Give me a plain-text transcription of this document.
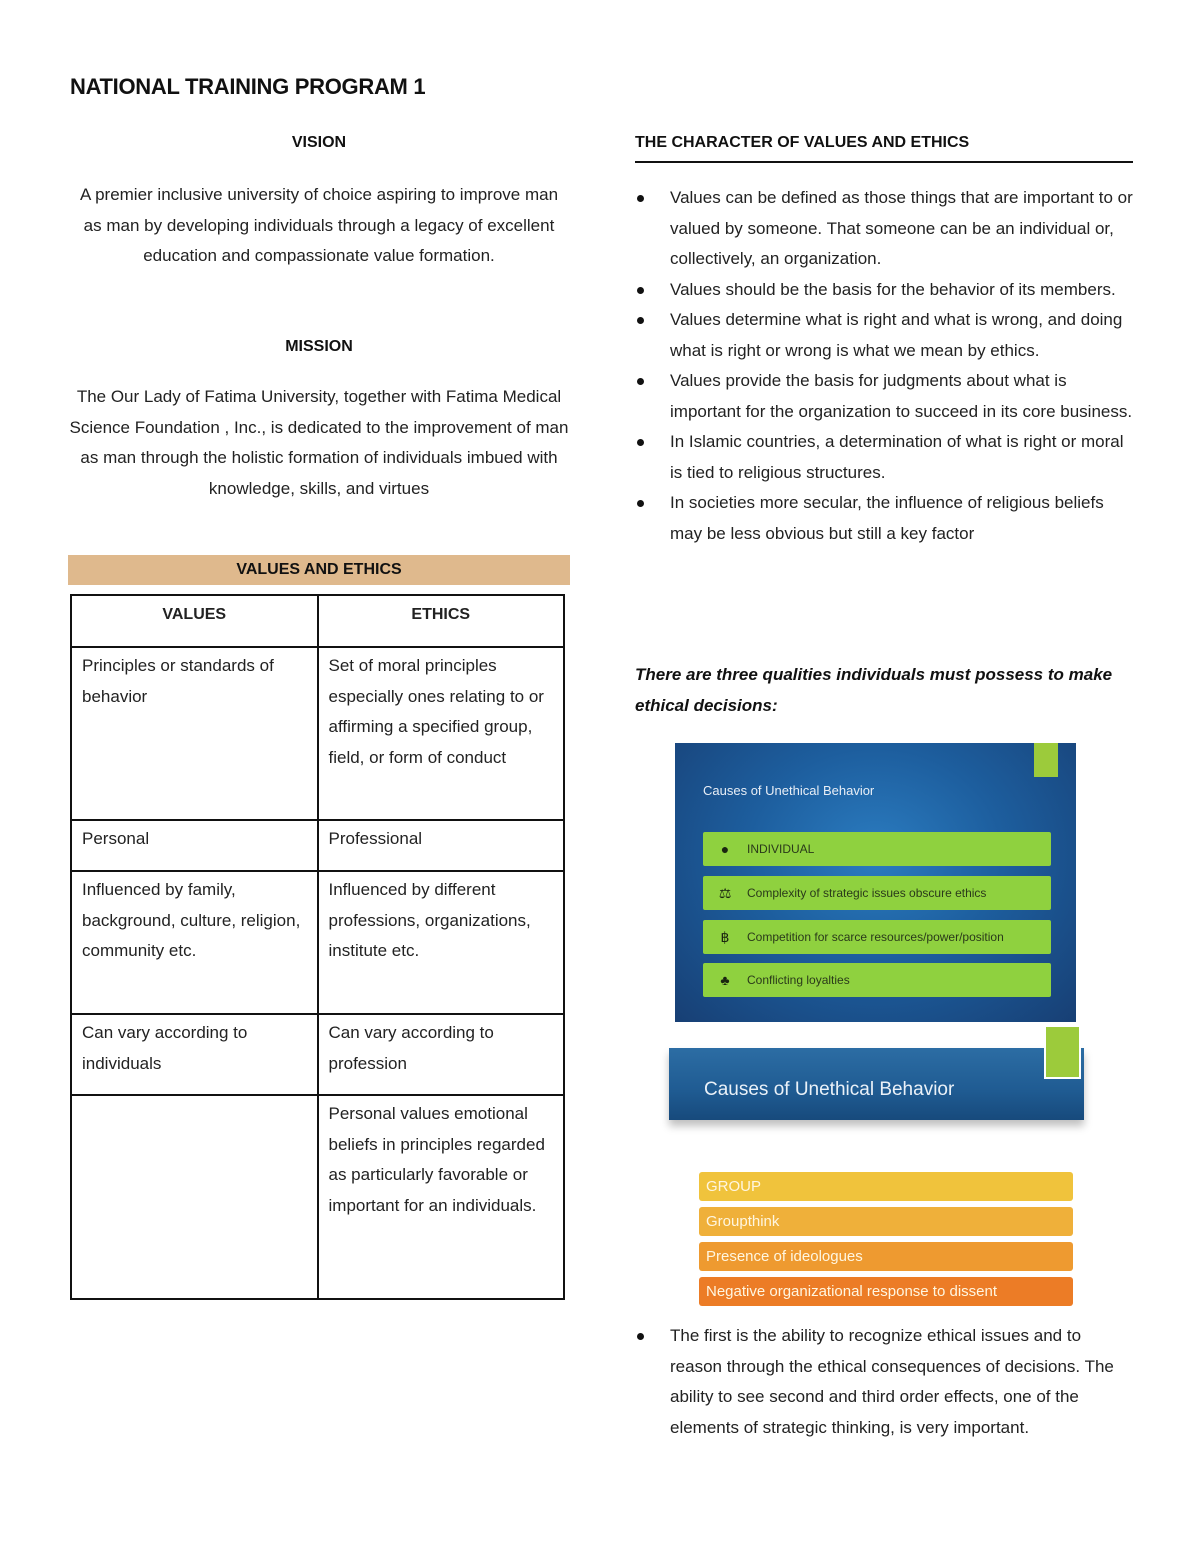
NATIONAL TRAINING PROGRAM 1
VISION
A premier inclusive university of choice aspiring to improve man as man by developing individuals through a legacy of excellent education and compassionate value formation.
MISSION
The Our Lady of Fatima University, together with Fatima Medical Science Foundation , Inc., is dedicated to the improvement of man as man through the holistic formation of individuals imbued with knowledge, skills, and virtues
VALUES AND ETHICS
VALUES	ETHICS
Principles or standards of behavior	Set of moral principles especially ones relating to or affirming a specified group, field, or form of conduct
Personal	Professional
Influenced by family, background, culture, religion, community etc.	Influenced by different professions, organizations, institute etc.
Can vary according to individuals	Can vary according to profession
	Personal values emotional beliefs in principles regarded as particularly favorable or important for an individuals.
THE CHARACTER OF VALUES AND ETHICS
Values can be defined as those things that are important to or valued by someone. That someone can be an individual or, collectively, an organization.
Values should be the basis for the behavior of its members.
Values determine what is right and what is wrong, and doing what is right or wrong is what we mean by ethics.
Values provide the basis for judgments about what is important for the organization to succeed in its core business.
In Islamic countries, a determination of what is right or moral is tied to religious structures.
In societies more secular, the influence of religious beliefs may be less obvious but still a key factor
There are three qualities individuals must possess to make ethical decisions:
The first is the ability to recognize ethical issues and to reason through the ethical consequences of decisions. The ability to see second and third order effects, one of the elements of strategic thinking, is very important.
Causes of Unethical Behavior
●	INDIVIDUAL
⚖	Complexity of strategic issues obscure ethics
฿	Competition for scarce resources/power/position
♣	Conflicting loyalties
Causes of Unethical Behavior
GROUP
Groupthink
Presence of ideologues
Negative organizational response to dissent
